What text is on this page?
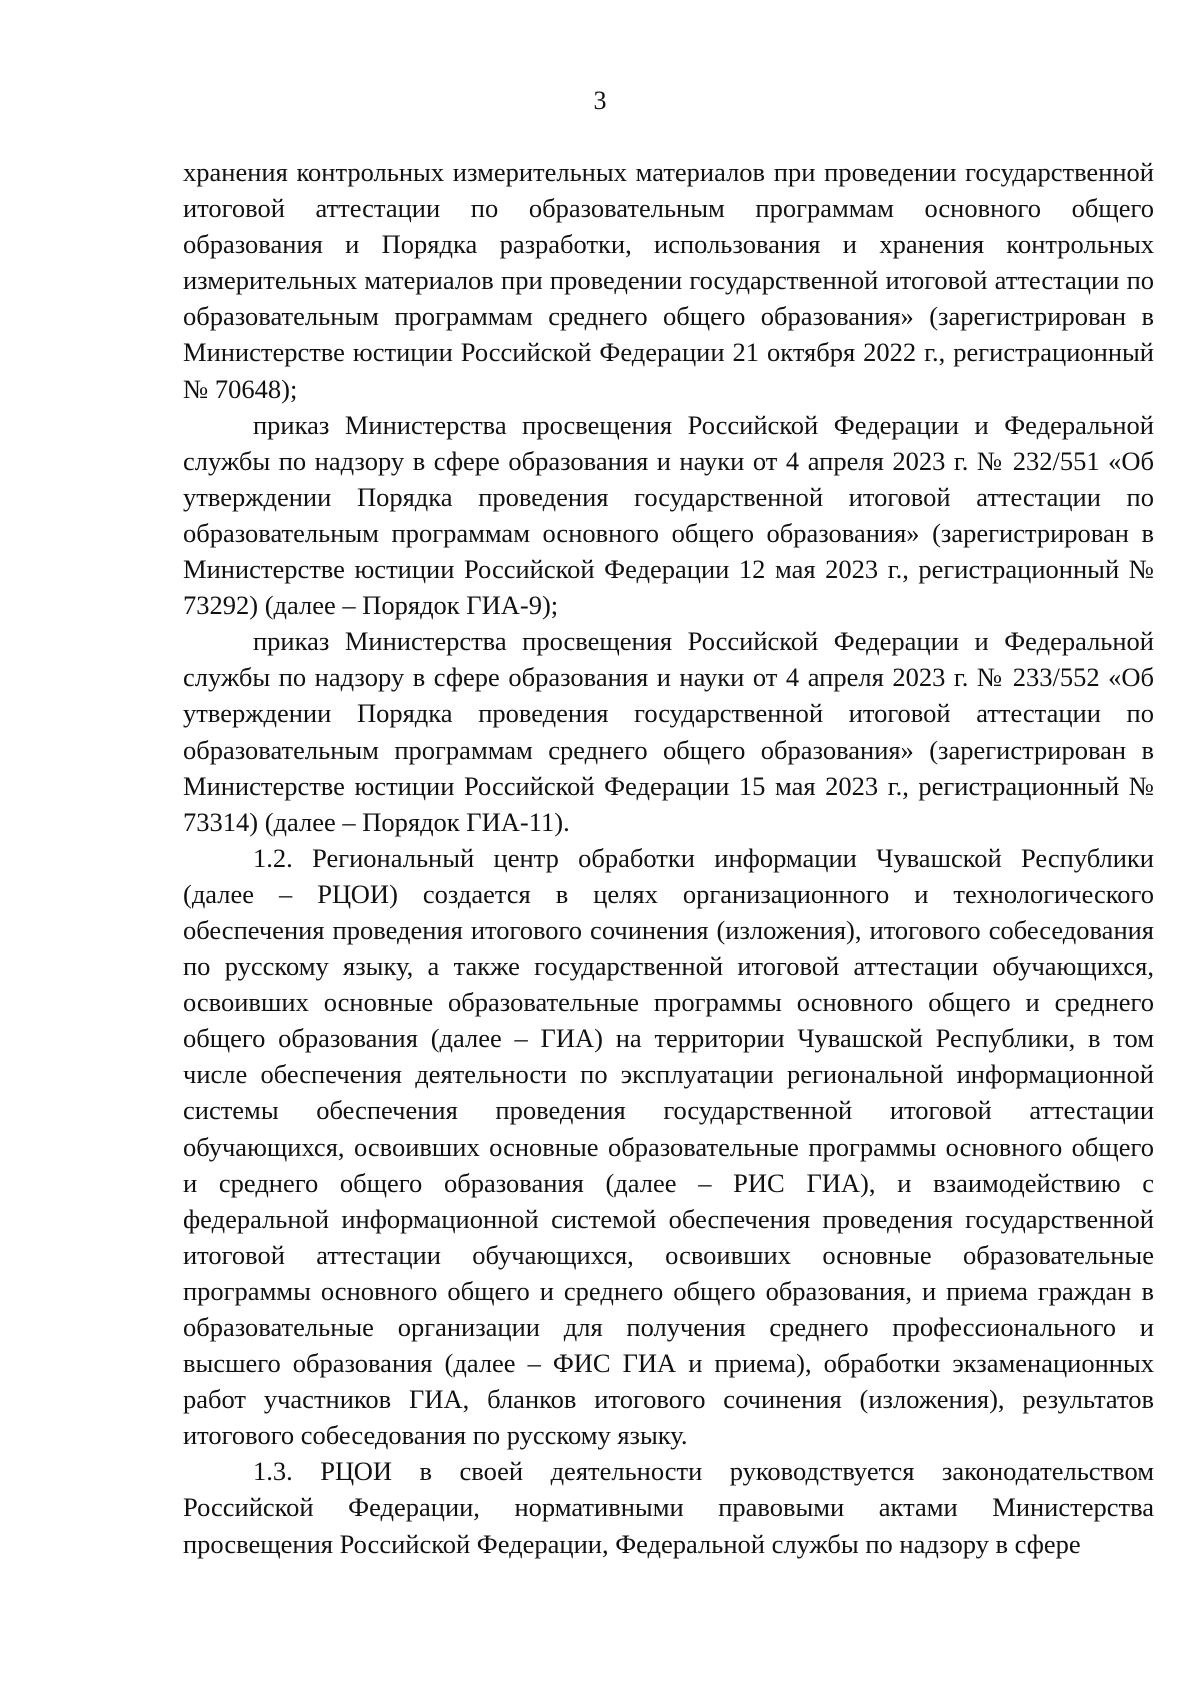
3

хранения контрольных измерительных материалов при проведении государственной итоговой аттестации по образовательным программам основного общего образования и Порядка разработки, использования и хранения контрольных измерительных материалов при проведении государственной итоговой аттестации по образовательным программам среднего общего образования» (зарегистрирован в Министерстве юстиции Российской Федерации 21 октября 2022 г., регистрационный № 70648);

приказ Министерства просвещения Российской Федерации и Федеральной службы по надзору в сфере образования и науки от 4 апреля 2023 г. № 232/551 «Об утверждении Порядка проведения государственной итоговой аттестации по образовательным программам основного общего образования» (зарегистрирован в Министерстве юстиции Российской Федерации 12 мая 2023 г., регистрационный № 73292) (далее – Порядок ГИА-9);

приказ Министерства просвещения Российской Федерации и Федеральной службы по надзору в сфере образования и науки от 4 апреля 2023 г. № 233/552 «Об утверждении Порядка проведения государственной итоговой аттестации по образовательным программам среднего общего образования» (зарегистрирован в Министерстве юстиции Российской Федерации 15 мая 2023 г., регистрационный № 73314) (далее – Порядок ГИА-11).

1.2. Региональный центр обработки информации Чувашской Республики (далее – РЦОИ) создается в целях организационного и технологического обеспечения проведения итогового сочинения (изложения), итогового собеседования по русскому языку, а также государственной итоговой аттестации обучающихся, освоивших основные образовательные программы основного общего и среднего общего образования (далее – ГИА) на территории Чувашской Республики, в том числе обеспечения деятельности по эксплуатации региональной информационной системы обеспечения проведения государственной итоговой аттестации обучающихся, освоивших основные образовательные программы основного общего и среднего общего образования (далее – РИС ГИА), и взаимодействию с федеральной информационной системой обеспечения проведения государственной итоговой аттестации обучающихся, освоивших основные образовательные программы основного общего и среднего общего образования, и приема граждан в образовательные организации для получения среднего профессионального и высшего образования (далее – ФИС ГИА и приема), обработки экзаменационных работ участников ГИА, бланков итогового сочинения (изложения), результатов итогового собеседования по русскому языку.

1.3. РЦОИ в своей деятельности руководствуется законодательством Российской Федерации, нормативными правовыми актами Министерства просвещения Российской Федерации, Федеральной службы по надзору в сфере
